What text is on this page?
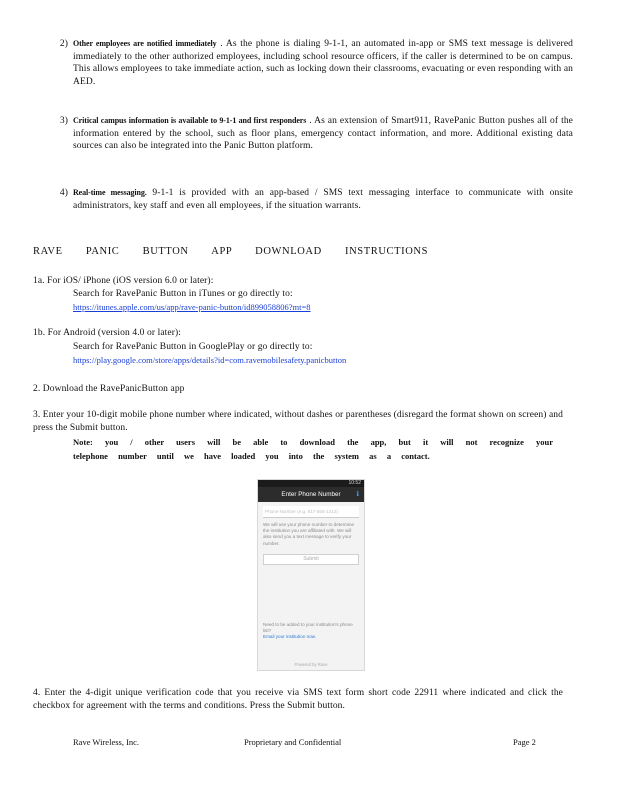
2) Other employees are notified immediately . As the phone is dialing 9-1-1, an automated in-app or SMS text message is delivered immediately to the other authorized employees, including school resource officers, if the caller is determined to be on campus. This allows employees to take immediate action, such as locking down their classrooms, evacuating or even responding with an AED.
3) Critical campus information is available to 9-1-1 and first responders . As an extension of Smart911, RavePanic Button pushes all of the information entered by the school, such as floor plans, emergency contact information, and more. Additional existing data sources can also be integrated into the Panic Button platform.
4) Real-time messaging. 9-1-1 is provided with an app-based / SMS text messaging interface to communicate with onsite administrators, key staff and even all employees, if the situation warrants.
RAVE PANIC BUTTON APP DOWNLOAD INSTRUCTIONS
1a. For iOS/ iPhone (iOS version 6.0 or later):
Search for RavePanic Button in iTunes or go directly to:
https://itunes.apple.com/us/app/rave-panic-button/id899058806?mt=8
1b. For Android (version 4.0 or later):
Search for RavePanic Button in GooglePlay or go directly to:
https://play.google.com/store/apps/details?id=com.ravemobilesafety.panicbutton
2. Download the RavePanicButton app
3. Enter your 10-digit mobile phone number where indicated, without dashes or parentheses (disregard the format shown on screen) and press the Submit button.
Note: you / other users will be able to download the app, but it will not recognize your telephone number until we have loaded you into the system as a contact.
10:52
Enter Phone Number ℹ
Phone Number (e.g. 617-555-1212)
We will use your phone number to determine the institution you are affiliated with. We will also send you a text message to verify your number.
Submit
Need to be added to your institution's phone list?
Email your institution now.
Powered by Rave
4. Enter the 4-digit unique verification code that you receive via SMS text form short code 22911 where indicated and click the checkbox for agreement with the terms and conditions. Press the Submit button.
Rave Wireless, Inc.	Proprietary and Confidential	Page 2
